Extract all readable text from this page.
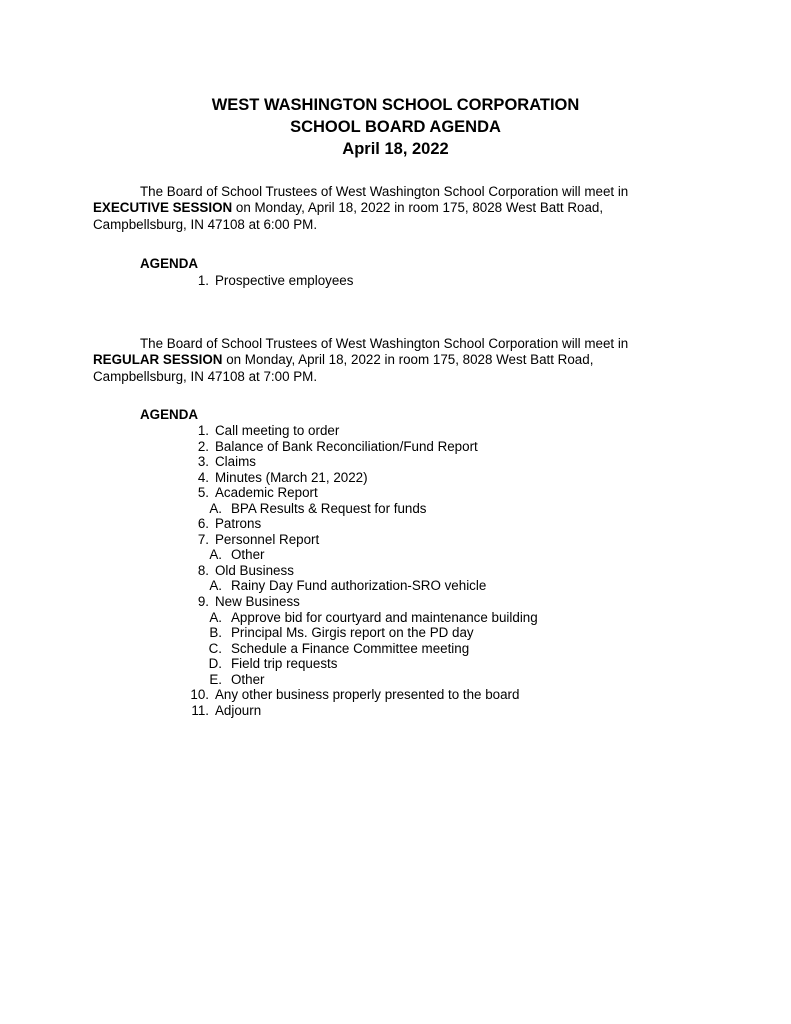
WEST WASHINGTON SCHOOL CORPORATION
SCHOOL BOARD AGENDA
April 18, 2022
The Board of School Trustees of West Washington School Corporation will meet in EXECUTIVE SESSION on Monday, April 18, 2022 in room 175, 8028 West Batt Road, Campbellsburg, IN 47108 at 6:00 PM.
AGENDA
1. Prospective employees
The Board of School Trustees of West Washington School Corporation will meet in REGULAR SESSION on Monday, April 18, 2022 in room 175, 8028 West Batt Road, Campbellsburg, IN 47108 at 7:00 PM.
AGENDA
1. Call meeting to order
2. Balance of Bank Reconciliation/Fund Report
3. Claims
4. Minutes (March 21, 2022)
5. Academic Report
A. BPA Results & Request for funds
6. Patrons
7. Personnel Report
A. Other
8. Old Business
A. Rainy Day Fund authorization-SRO vehicle
9. New Business
A. Approve bid for courtyard and maintenance building
B. Principal Ms. Girgis report on the PD day
C. Schedule a Finance Committee meeting
D. Field trip requests
E. Other
10. Any other business properly presented to the board
11. Adjourn
